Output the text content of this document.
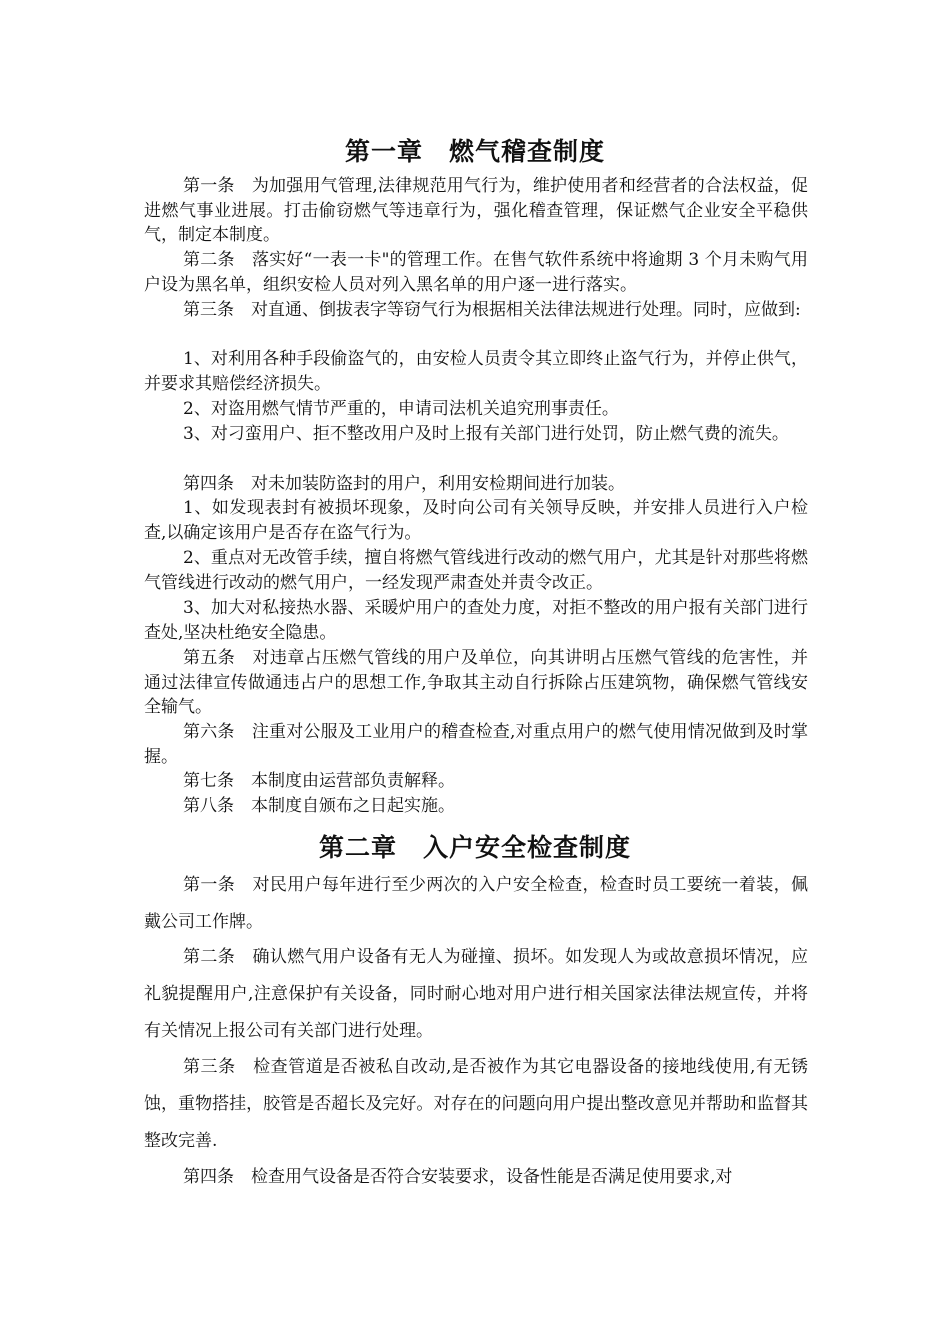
第一章　燃气稽查制度

第一条　为加强用气管理,法律规范用气行为，维护使用者和经营者的合法权益，促进燃气事业进展。打击偷窃燃气等违章行为，强化稽查管理，保证燃气企业安全平稳供气，制定本制度。

第二条　落实好“一表一卡"的管理工作。在售气软件系统中将逾期 3 个月未购气用户设为黑名单，组织安检人员对列入黑名单的用户逐一进行落实。

第三条　对直通、倒拔表字等窃气行为根据相关法律法规进行处理。同时，应做到:

1、对利用各种手段偷盗气的，由安检人员责令其立即终止盗气行为，并停止供气，并要求其赔偿经济损失。

2、对盗用燃气情节严重的，申请司法机关追究刑事责任。

3、对刁蛮用户、拒不整改用户及时上报有关部门进行处罚，防止燃气费的流失。

第四条　对未加装防盗封的用户，利用安检期间进行加装。

1、如发现表封有被损坏现象，及时向公司有关领导反映，并安排人员进行入户检查,以确定该用户是否存在盗气行为。

2、重点对无改管手续，擅自将燃气管线进行改动的燃气用户，尤其是针对那些将燃气管线进行改动的燃气用户，一经发现严肃查处并责令改正。

3、加大对私接热水器、采暖炉用户的查处力度，对拒不整改的用户报有关部门进行查处,坚决杜绝安全隐患。

第五条　对违章占压燃气管线的用户及单位，向其讲明占压燃气管线的危害性，并通过法律宣传做通违占户的思想工作,争取其主动自行拆除占压建筑物，确保燃气管线安全输气。

第六条　注重对公服及工业用户的稽查检查,对重点用户的燃气使用情况做到及时掌握。

第七条　本制度由运营部负责解释。

第八条　本制度自颁布之日起实施。

第二章　入户安全检查制度

第一条　对民用户每年进行至少两次的入户安全检查，检查时员工要统一着装，佩戴公司工作牌。

第二条　确认燃气用户设备有无人为碰撞、损坏。如发现人为或故意损坏情况，应礼貌提醒用户,注意保护有关设备，同时耐心地对用户进行相关国家法律法规宣传，并将有关情况上报公司有关部门进行处理。

第三条　检查管道是否被私自改动,是否被作为其它电器设备的接地线使用,有无锈蚀，重物搭挂，胶管是否超长及完好。对存在的问题向用户提出整改意见并帮助和监督其整改完善.

第四条　检查用气设备是否符合安装要求，设备性能是否满足使用要求,对
